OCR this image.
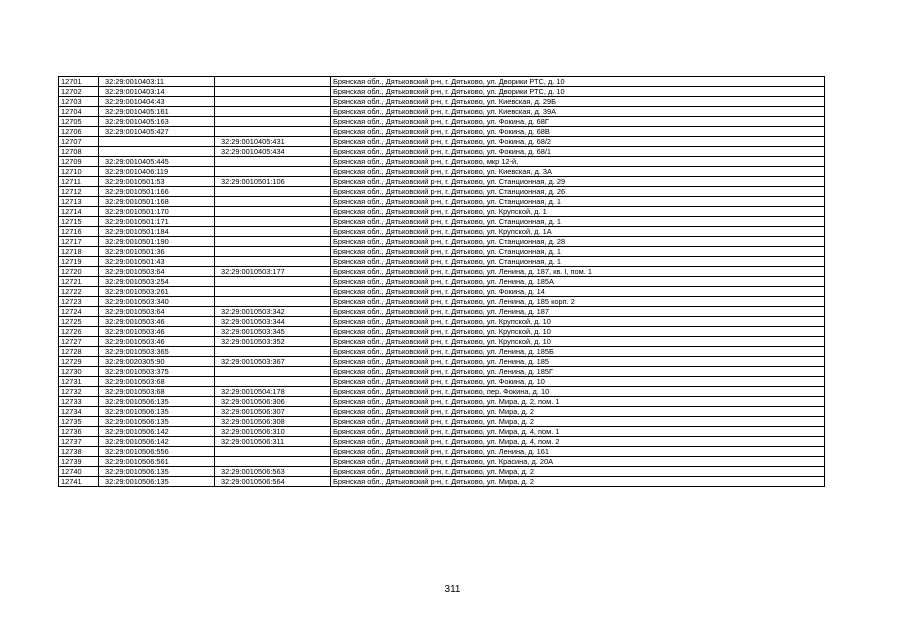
12701	32:29:0010403:11		Брянская обл., Дятьковский р-н, г. Дятьково, ул. Дворики РТС, д. 10
12702	32:29:0010403:14		Брянская обл., Дятьковский р-н, г. Дятьково, ул. Дворики РТС, д. 10
12703	32:29:0010404:43		Брянская обл., Дятьковский р-н, г. Дятьково, ул. Киевская, д. 29Б
12704	32:29:0010405:161		Брянская обл., Дятьковский р-н, г. Дятьково, ул. Киевская, д. 39А
12705	32:29:0010405:163		Брянская обл., Дятьковский р-н, г. Дятьково, ул. Фокина, д. 68Г
12706	32:29:0010405:427		Брянская обл., Дятьковский р-н, г. Дятьково, ул. Фокина, д. 68В
12707		32:29:0010405:431	Брянская обл., Дятьковский р-н, г. Дятьково, ул. Фокина, д. 68/2
12708		32:29:0010405:434	Брянская обл., Дятьковский р-н, г. Дятьково, ул. Фокина, д. 68/1
12709	32:29:0010405:445		Брянская обл., Дятьковский р-н, г. Дятьково, мкр 12-й,
12710	32:29:0010406:119		Брянская обл., Дятьковский р-н, г. Дятьково, ул. Киевская, д. 3А
12711	32:29:0010501:53	32:29:0010501:106	Брянская обл., Дятьковский р-н, г. Дятьково, ул. Станционная, д. 29
12712	32:29:0010501:166		Брянская обл., Дятьковский р-н, г. Дятьково, ул. Станционная, д. 26
12713	32:29:0010501:168		Брянская обл., Дятьковский р-н, г. Дятьково, ул. Станционная, д. 1
12714	32:29:0010501:170		Брянская обл., Дятьковский р-н, г. Дятьково, ул. Крупской, д. 1
12715	32:29:0010501:171		Брянская обл., Дятьковский р-н, г. Дятьково, ул. Станционная, д. 1
12716	32:29:0010501:184		Брянская обл., Дятьковский р-н, г. Дятьково, ул. Крупской, д. 1А
12717	32:29:0010501:190		Брянская обл., Дятьковский р-н, г. Дятьково, ул. Станционная, д. 28
12718	32:29:0010501:36		Брянская обл., Дятьковский р-н, г. Дятьково, ул. Станционная, д. 1
12719	32:29:0010501:43		Брянская обл., Дятьковский р-н, г. Дятьково, ул. Станционная, д. 1
12720	32:29:0010503:64	32:29:0010503:177	Брянская обл., Дятьковский р-н, г. Дятьково, ул. Ленина, д. 187, кв. I, пом. 1
12721	32:29:0010503:254		Брянская обл., Дятьковский р-н, г. Дятьково, ул. Ленина, д. 185А
12722	32:29:0010503:261		Брянская обл., Дятьковский р-н, г. Дятьково, ул. Фокина, д. 14
12723	32:29:0010503:340		Брянская обл., Дятьковский р-н, г. Дятьково, ул. Ленина, д. 185 корп. 2
12724	32:29:0010503:64	32:29:0010503:342	Брянская обл., Дятьковский р-н, г. Дятьково, ул. Ленина, д. 187
12725	32:29:0010503:46	32:29:0010503:344	Брянская обл., Дятьковский р-н, г. Дятьково, ул. Крупской, д. 10
12726	32:29:0010503:46	32:29:0010503:345	Брянская обл., Дятьковский р-н, г. Дятьково, ул. Крупской, д. 10
12727	32:29:0010503:46	32:29:0010503:352	Брянская обл., Дятьковский р-н, г. Дятьково, ул. Крупской, д. 10
12728	32:29:0010503:365		Брянская обл., Дятьковский р-н, г. Дятьково, ул. Ленина, д. 185Б
12729	32:29:0020305:90	32:29:0010503:367	Брянская обл., Дятьковский р-н, г. Дятьково, ул. Ленина, д. 185
12730	32:29:0010503:375		Брянская обл., Дятьковский р-н, г. Дятьково, ул. Ленина, д. 185Г
12731	32:29:0010503:68		Брянская обл., Дятьковский р-н, г. Дятьково, ул. Фокина, д. 10
12732	32:29:0010503:68	32:29:0010504:178	Брянская обл., Дятьковский р-н, г. Дятьково, пер. Фокина, д. 10
12733	32:29:0010506:135	32:29:0010506:306	Брянская обл., Дятьковский р-н, г. Дятьково, ул. Мира, д. 2, пом. 1
12734	32:29:0010506:135	32:29:0010506:307	Брянская обл., Дятьковский р-н, г. Дятьково, ул. Мира, д. 2
12735	32:29:0010506:135	32:29:0010506:308	Брянская обл., Дятьковский р-н, г. Дятьково, ул. Мира, д. 2
12736	32:29:0010506:142	32:29:0010506:310	Брянская обл., Дятьковский р-н, г. Дятьково, ул. Мира, д. 4, пом. 1
12737	32:29:0010506:142	32:29:0010506:311	Брянская обл., Дятьковский р-н, г. Дятьково, ул. Мира, д. 4, пом. 2
12738	32:29:0010506:556		Брянская обл., Дятьковский р-н, г. Дятьково, ул. Ленина, д. 161
12739	32:29:0010506:561		Брянская обл., Дятьковский р-н, г. Дятьково, ул. Красина, д. 20А
12740	32:29:0010506:135	32:29:0010506:563	Брянская обл., Дятьковский р-н, г. Дятьково, ул. Мира, д. 2
12741	32:29:0010506:135	32:29:0010506:564	Брянская обл., Дятьковский р-н, г. Дятьково, ул. Мира, д. 2
311
